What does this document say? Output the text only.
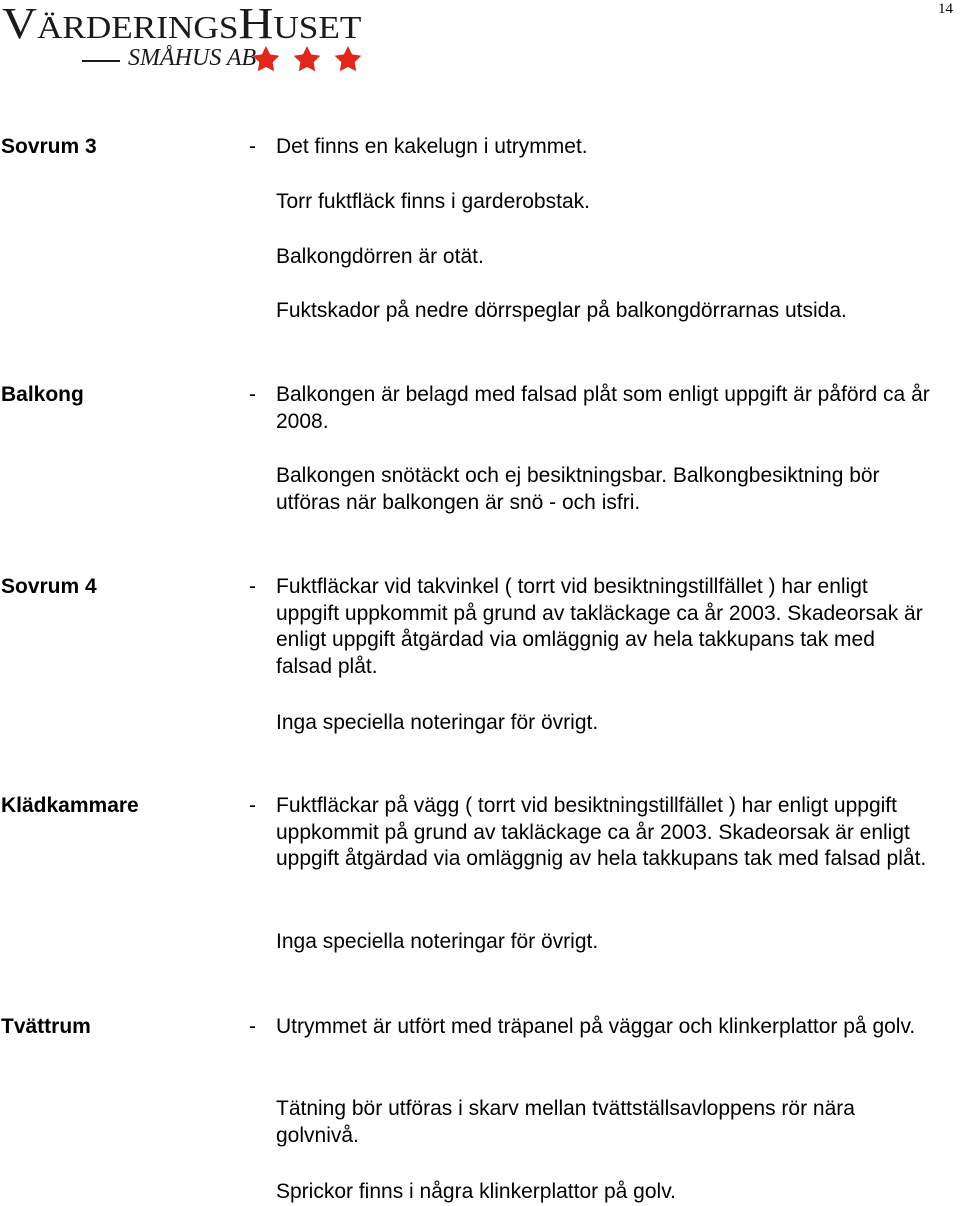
14
VÄRDERINGSHUSET
SMÅHUS AB
Sovrum 3	- Det finns en kakelugn i utrymmet.

Torr fuktfläck finns i garderobstak.

Balkongdörren är otät.

Fuktskador på nedre dörrspeglar på balkongdörrarnas utsida.

Balkong	- Balkongen är belagd med falsad plåt som enligt uppgift är påförd ca år 2008.

Balkongen snötäckt och ej besiktningsbar. Balkongbesiktning bör utföras när balkongen är snö - och isfri.

Sovrum 4	- Fuktfläckar vid takvinkel ( torrt vid besiktningstillfället ) har enligt uppgift uppkommit på grund av takläckage ca år 2003. Skadeorsak är enligt uppgift åtgärdad via omläggnig av hela takkupans tak med falsad plåt.

Inga speciella noteringar för övrigt.

Klädkammare	- Fuktfläckar på vägg ( torrt vid besiktningstillfället ) har enligt uppgift uppkommit på grund av takläckage ca år 2003. Skadeorsak är enligt uppgift åtgärdad via omläggnig av hela takkupans tak med falsad plåt.

Inga speciella noteringar för övrigt.

Tvättrum	- Utrymmet är utfört med träpanel på väggar och klinkerplattor på golv.

Tätning bör utföras i skarv mellan tvättställsavloppens rör nära golvnivå.

Sprickor finns i några klinkerplattor på golv.
